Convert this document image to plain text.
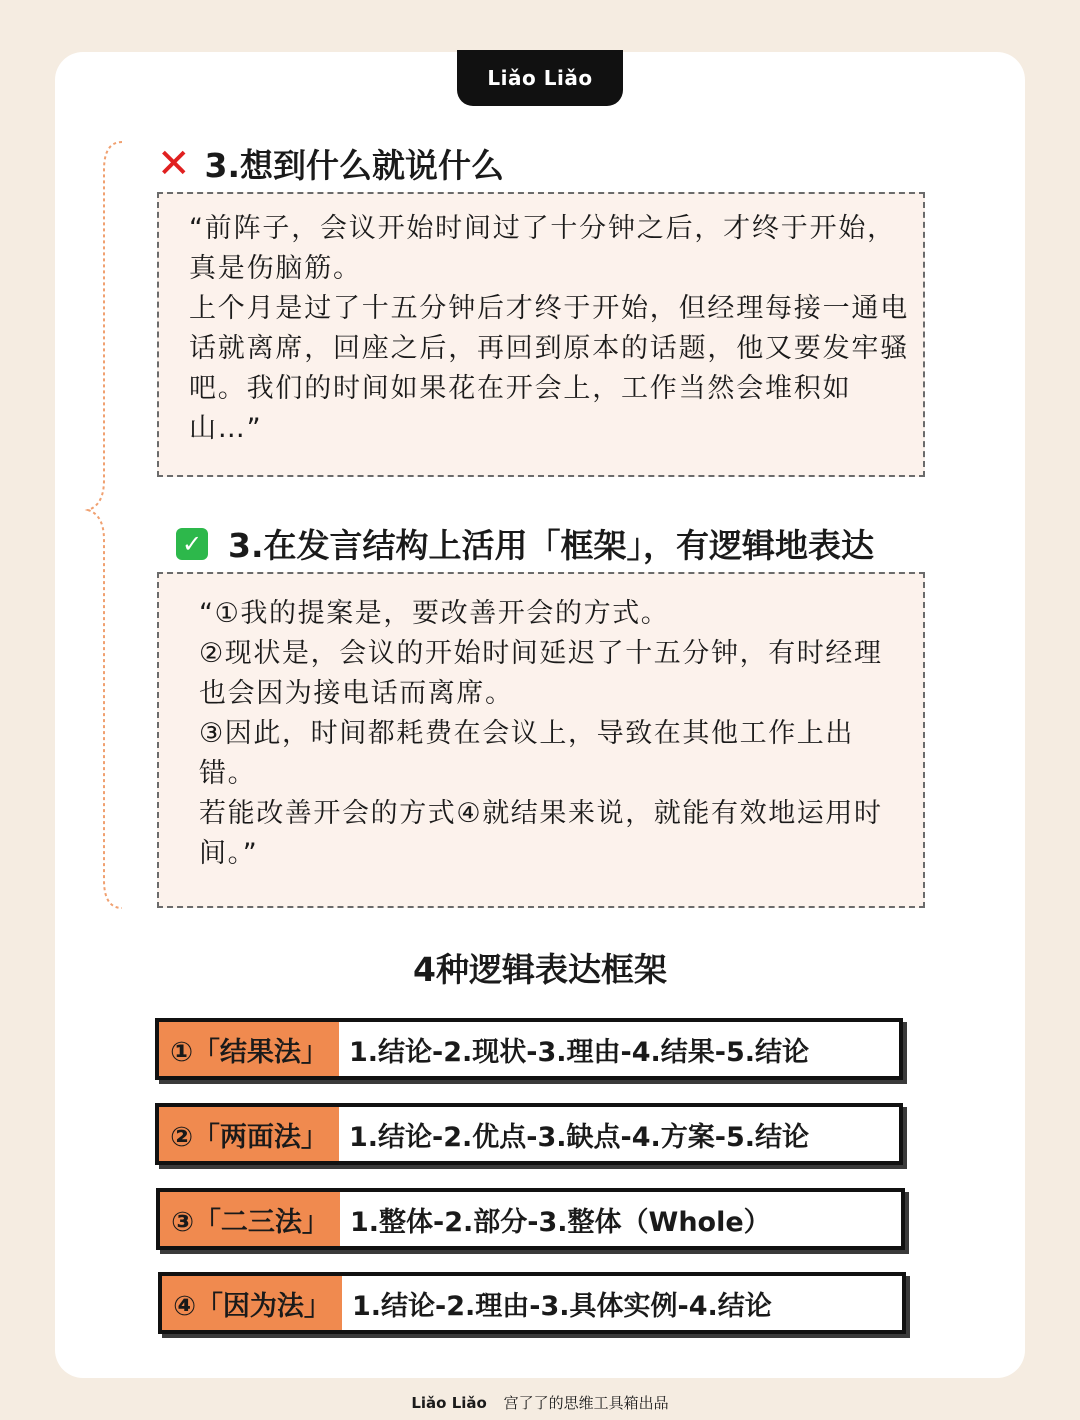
Liǎo Liǎo
✕ 3.想到什么就说什么
“前阵子，会议开始时间过了十分钟之后，才终于开始，
真是伤脑筋。
上个月是过了十五分钟后才终于开始，但经理每接一通电
话就离席，回座之后，再回到原本的话题，他又要发牢骚
吧。我们的时间如果花在开会上，工作当然会堆积如
山…”
✓ 3.在发言结构上活用「框架」，有逻辑地表达
“①我的提案是，要改善开会的方式。
②现状是，会议的开始时间延迟了十五分钟，有时经理
也会因为接电话而离席。
③因此，时间都耗费在会议上，导致在其他工作上出
错。
若能改善开会的方式④就结果来说，就能有效地运用时
间。”
4种逻辑表达框架
①「结果法」 1.结论-2.现状-3.理由-4.结果-5.结论
②「两面法」 1.结论-2.优点-3.缺点-4.方案-5.结论
③「二三法」 1.整体-2.部分-3.整体（Whole）
④「因为法」 1.结论-2.理由-3.具体实例-4.结论
Liǎo Liǎo 宫了了的思维工具箱出品
